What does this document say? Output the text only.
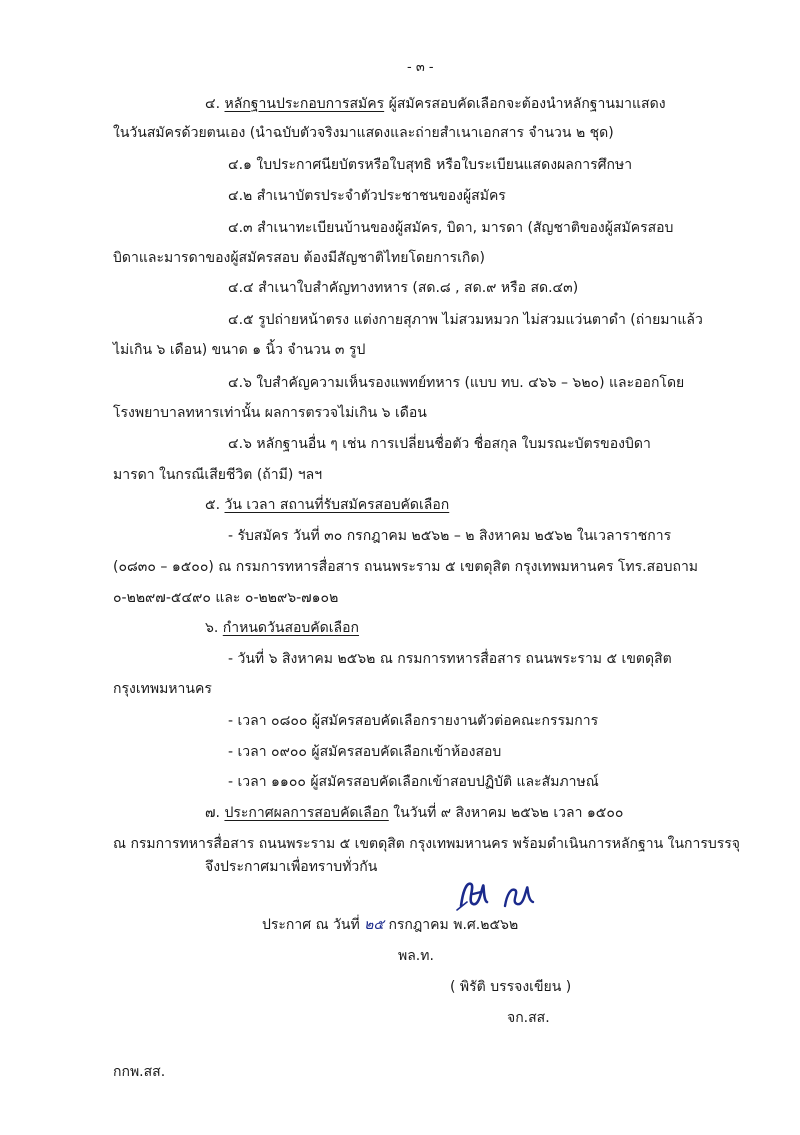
- ๓ -
๔. หลักฐานประกอบการสมัคร ผู้สมัครสอบคัดเลือกจะต้องนำหลักฐานมาแสดง
ในวันสมัครด้วยตนเอง (นำฉบับตัวจริงมาแสดงและถ่ายสำเนาเอกสาร จำนวน ๒ ชุด)
๔.๑ ใบประกาศนียบัตรหรือใบสุทธิ หรือใบระเบียนแสดงผลการศึกษา
๔.๒ สำเนาบัตรประจำตัวประชาชนของผู้สมัคร
๔.๓ สำเนาทะเบียนบ้านของผู้สมัคร, บิดา, มารดา (สัญชาติของผู้สมัครสอบ
บิดาและมารดาของผู้สมัครสอบ ต้องมีสัญชาติไทยโดยการเกิด)
๔.๔ สำเนาใบสำคัญทางทหาร (สด.๘ , สด.๙ หรือ สด.๔๓)
๔.๕ รูปถ่ายหน้าตรง แต่งกายสุภาพ ไม่สวมหมวก ไม่สวมแว่นตาดำ (ถ่ายมาแล้ว
ไม่เกิน ๖ เดือน) ขนาด ๑ นิ้ว จำนวน ๓ รูป
๔.๖ ใบสำคัญความเห็นรองแพทย์ทหาร (แบบ ทบ. ๔๖๖ – ๖๒๐) และออกโดย
โรงพยาบาลทหารเท่านั้น ผลการตรวจไม่เกิน ๖ เดือน
๔.๖ หลักฐานอื่น ๆ เช่น การเปลี่ยนชื่อตัว ชื่อสกุล ใบมรณะบัตรของบิดา
มารดา ในกรณีเสียชีวิต (ถ้ามี) ฯลฯ
๕. วัน เวลา สถานที่รับสมัครสอบคัดเลือก
- รับสมัคร วันที่ ๓๐ กรกฎาคม ๒๕๖๒ – ๒ สิงหาคม ๒๕๖๒ ในเวลาราชการ
(๐๘๓๐ – ๑๕๐๐) ณ กรมการทหารสื่อสาร ถนนพระราม ๕ เขตดุสิต กรุงเทพมหานคร โทร.สอบถาม
๐-๒๒๙๗-๕๔๙๐ และ ๐-๒๒๙๖-๗๑๐๒
๖. กำหนดวันสอบคัดเลือก
- วันที่ ๖ สิงหาคม ๒๕๖๒ ณ กรมการทหารสื่อสาร ถนนพระราม ๕ เขตดุสิต
กรุงเทพมหานคร
- เวลา ๐๘๐๐ ผู้สมัครสอบคัดเลือกรายงานตัวต่อคณะกรรมการ
- เวลา ๐๙๐๐ ผู้สมัครสอบคัดเลือกเข้าห้องสอบ
- เวลา ๑๑๐๐ ผู้สมัครสอบคัดเลือกเข้าสอบปฏิบัติ และสัมภาษณ์
๗. ประกาศผลการสอบคัดเลือก ในวันที่ ๙ สิงหาคม ๒๕๖๒ เวลา ๑๕๐๐
ณ กรมการทหารสื่อสาร ถนนพระราม ๕ เขตดุสิต กรุงเทพมหานคร พร้อมดำเนินการหลักฐาน ในการบรรจุ
จึงประกาศมาเพื่อทราบทั่วกัน
ประกาศ ณ วันที่ ๒๕ กรกฎาคม พ.ศ.๒๕๖๒
พล.ท.
( พิรัติ บรรจงเขียน )
จก.สส.
กกพ.สส.
